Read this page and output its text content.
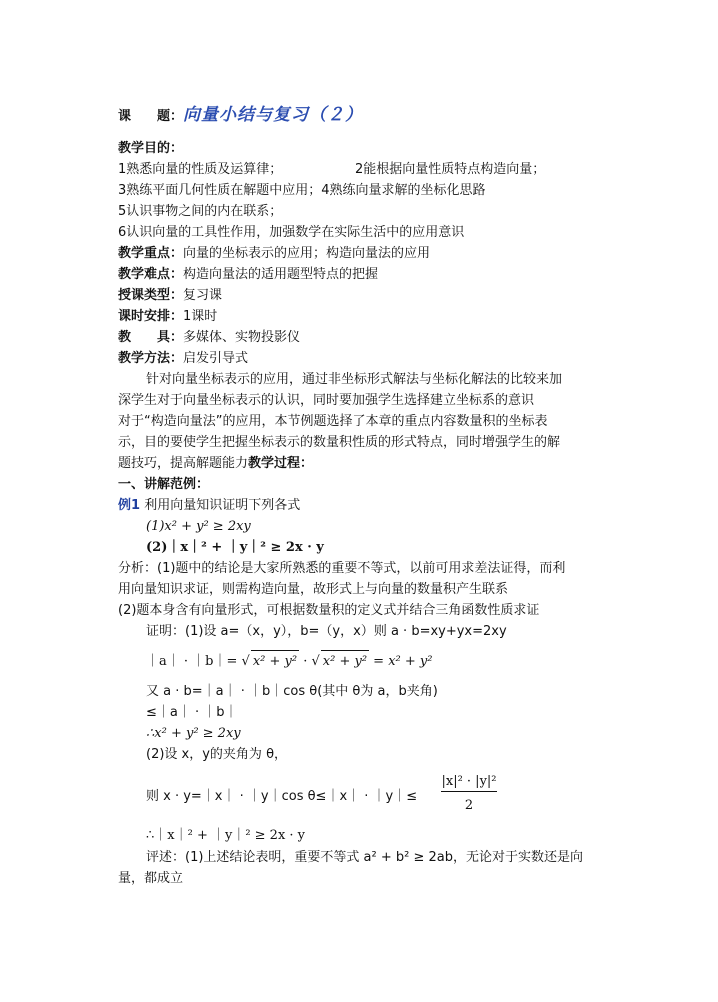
课　　题：向量小结与复习（２）
教学目的：
1熟悉向量的性质及运算律；	2能根据向量性质特点构造向量；
3熟练平面几何性质在解题中应用；4熟练向量求解的坐标化思路
5认识事物之间的内在联系；
6认识向量的工具性作用，加强数学在实际生活中的应用意识
教学重点：向量的坐标表示的应用；构造向量法的应用
教学难点：构造向量法的适用题型特点的把握
授课类型：复习课
课时安排：1课时
教　　具：多媒体、实物投影仪
教学方法：启发引导式
针对向量坐标表示的应用，通过非坐标形式解法与坐标化解法的比较来加
深学生对于向量坐标表示的认识，同时要加强学生选择建立坐标系的意识
对于“构造向量法”的应用，本节例题选择了本章的重点内容数量积的坐标表
示，目的要使学生把握坐标表示的数量积性质的形式特点，同时增强学生的解
题技巧，提高解题能力教学过程：
一、讲解范例：
例1 利用向量知识证明下列各式
(1)x² + y² ≥ 2xy
(2)｜x｜² + ｜y｜² ≥ 2x · y
分析：(1)题中的结论是大家所熟悉的重要不等式，以前可用求差法证得，而利
用向量知识求证，则需构造向量，故形式上与向量的数量积产生联系
(2)题本身含有向量形式，可根据数量积的定义式并结合三角函数性质求证
证明：(1)设 a=（x，y），b=（y，x）则 a · b=xy+yx=2xy
｜a｜ · ｜b｜= √ x² + y² · √ x² + y² = x² + y²
又 a · b=｜a｜ · ｜b｜cos θ(其中 θ为 a，b夹角)
≤｜a｜ · ｜b｜
∴x² + y² ≥ 2xy
(2)设 x，y的夹角为 θ，
则 x · y=｜x｜ · ｜y｜cos θ≤｜x｜ · ｜y｜≤ $\frac{\text{|x|² · |y|²}}{2}$
∴｜x｜² + ｜y｜² ≥ 2x · y
评述：(1)上述结论表明，重要不等式 a² + b² ≥ 2ab，无论对于实数还是向
量，都成立
